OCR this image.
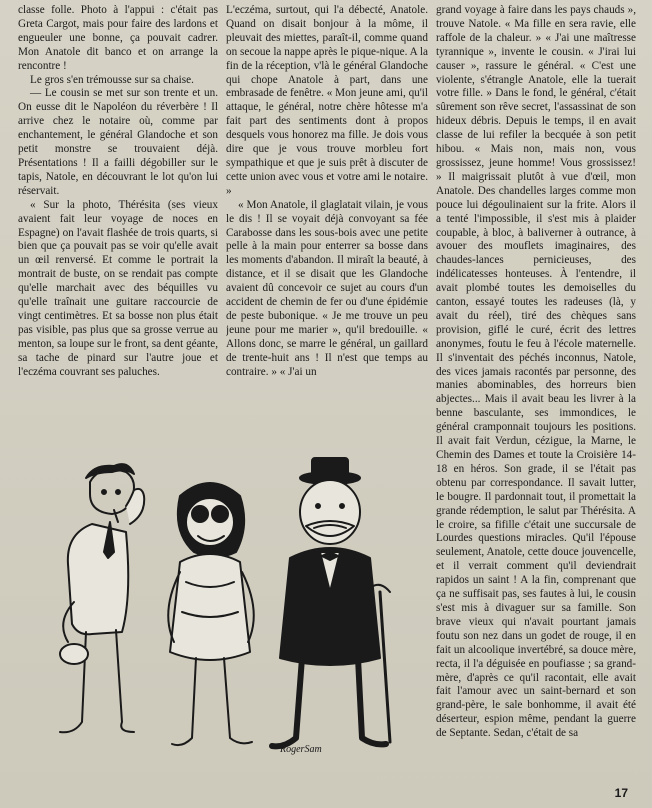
classe folle. Photo à l'appui : c'était pas Greta Cargot, mais pour faire des lardons et engueuler une bonne, ça pouvait cadrer. Mon Anatole dit banco et on arrange la rencontre !

Le gros s'en trémousse sur sa chaise.

— Le cousin se met sur son trente et un. On eusse dit le Napoléon du réverbère ! Il arrive chez le notaire où, comme par enchantement, le général Glandoche et son petit monstre se trouvaient déjà. Présentations ! Il a failli dégobiller sur le tapis, Natole, en découvrant le lot qu'on lui réservait.

« Sur la photo, Thérésita (ses vieux avaient fait leur voyage de noces en Espagne) on l'avait flashée de trois quarts, si bien que ça pouvait pas se voir qu'elle avait un œil renversé. Et comme le portrait la montrait de buste, on se rendait pas compte qu'elle marchait avec des béquilles vu qu'elle traînait une guitare raccourcie de vingt centimètres. Et sa bosse non plus était pas visible, pas plus que sa grosse verrue au menton, sa loupe sur le front, sa dent géante, sa tache de pinard sur l'autre joue et l'eczéma couvrant ses paluches.

L'eczéma, surtout, qui l'a débecté, Anatole. Quand on disait bonjour à la môme, il pleuvait des miettes, paraît-il, comme quand on secoue la nappe après le pique-nique. A la fin de la réception, v'là le général Glandoche qui chope Anatole à part, dans une embrasade de fenêtre. « Mon jeune ami, qu'il attaque, le général, notre chère hôtesse m'a fait part des sentiments dont à propos desquels vous honorez ma fille. Je dois vous dire que je vous trouve morbleu fort sympathique et que je suis prêt à discuter de cette union avec vous et votre ami le notaire. »

« Mon Anatole, il glaglatait vilain, je vous le dis ! Il se voyait déjà convoyant sa fée Carabosse dans les sous-bois avec une petite pelle à la main pour enterrer sa bosse dans les moments d'abandon. Il miraît la beauté, à distance, et il se disait que les Glandoche avaient dû concevoir ce sujet au cours d'un accident de chemin de fer ou d'une épidémie de peste bubonique. « Je me trouve un peu jeune pour me marier », qu'il bredouille. « Allons donc, se marre le général, un gaillard de trente-huit ans ! Il n'est que temps au contraire. » « J'ai un

grand voyage à faire dans les pays chauds », trouve Natole. « Ma fille en sera ravie, elle raffole de la chaleur. » « J'ai une maîtresse tyrannique », invente le cousin. « J'irai lui causer », rassure le général. « C'est une violente, s'étrangle Anatole, elle la tuerait votre fille. » Dans le fond, le général, c'était sûrement son rêve secret, l'assassinat de son hideux débris. Depuis le temps, il en avait classe de lui refiler la becquée à son petit hibou. « Mais non, mais non, vous grossissez, jeune homme! Vous grossissez! » Il maigrissait plutôt à vue d'œil, mon Anatole. Des chandelles larges comme mon pouce lui dégoulinaient sur la frite. Alors il a tenté l'impossible, il s'est mis à plaider coupable, à bloc, à baliverner à outrance, à avouer des mouflets imaginaires, des chaudes-lances pernicieuses, des indélicatesses honteuses. À l'entendre, il avait plombé toutes les demoiselles du canton, essayé toutes les radeuses (là, y avait du réel), tiré des chèques sans provision, giflé le curé, écrit des lettres anonymes, foutu le feu à l'école maternelle. Il s'inventait des péchés inconnus, Natole, des vices jamais racontés par personne, des manies abominables, des horreurs bien abjectes... Mais il avait beau les livrer à la benne basculante, ses immondices, le général cramponnait toujours les positions. Il avait fait Verdun, cézigue, la Marne, le Chemin des Dames et toute la Croisière 14-18 en héros. Son grade, il se l'était pas obtenu par correspondance. Il savait lutter, le bougre. Il pardonnait tout, il promettait la grande rédemption, le salut par Thérésita. A le croire, sa fifille c'était une succursale de Lourdes questions miracles. Qu'il l'épouse seulement, Anatole, cette douce jouvencelle, et il verrait comment qu'il deviendrait rapidos un saint ! A la fin, comprenant que ça ne suffisait pas, ses fautes à lui, le cousin s'est mis à divaguer sur sa famille. Son brave vieux qui n'avait pourtant jamais foutu son nez dans un godet de rouge, il en fait un alcoolique invertébré, sa douce mère, recta, il l'a déguisée en poufiasse ; sa grand-mère, d'après ce qu'il racontait, elle avait fait l'amour avec un saint-bernard et son grand-père, le sale bonhomme, il avait été déserteur, espion même, pendant la guerre de Septante. Sedan, c'était de sa

RogerSam
17
